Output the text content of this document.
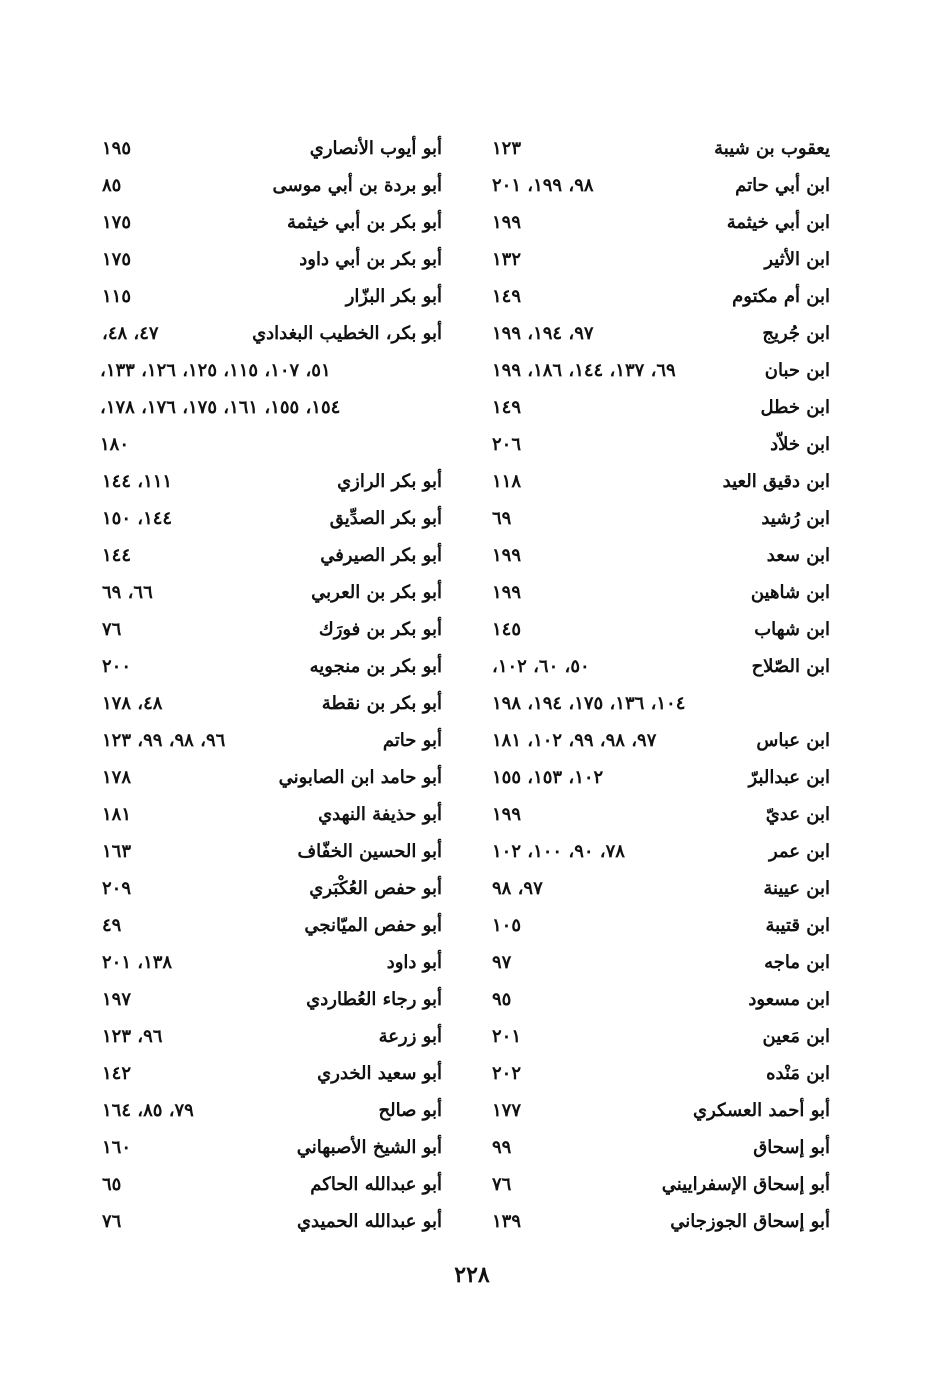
يعقوب بن شيبة
١٢٣
ابن أبي حاتم
٩٨، ١٩٩، ٢٠١
ابن أبي خيثمة
١٩٩
ابن الأثير
١٣٢
ابن أم مكتوم
١٤٩
ابن جُريج
٩٧، ١٩٤، ١٩٩
ابن حبان
٦٩، ١٣٧، ١٤٤، ١٨٦، ١٩٩
ابن خطل
١٤٩
ابن خلاّد
٢٠٦
ابن دقيق العيد
١١٨
ابن رُشيد
٦٩
ابن سعد
١٩٩
ابن شاهين
١٩٩
ابن شهاب
١٤٥
ابن الصّلاح
٥٠، ٦٠، ١٠٢،
١٠٤، ١٣٦، ١٧٥، ١٩٤، ١٩٨
ابن عباس
٩٧، ٩٨، ٩٩، ١٠٢، ١٨١
ابن عبدالبرّ
١٠٢، ١٥٣، ١٥٥
ابن عديّ
١٩٩
ابن عمر
٧٨، ٩٠، ١٠٠، ١٠٢
ابن عيينة
٩٧، ٩٨
ابن قتيبة
١٠٥
ابن ماجه
٩٧
ابن مسعود
٩٥
ابن مَعين
٢٠١
ابن مَنْده
٢٠٢
أبو أحمد العسكري
١٧٧
أبو إسحاق
٩٩
أبو إسحاق الإسفراييني
٧٦
أبو إسحاق الجوزجاني
١٣٩
أبو أيوب الأنصاري
١٩٥
أبو بردة بن أبي موسى
٨٥
أبو بكر بن أبي خيثمة
١٧٥
أبو بكر بن أبي داود
١٧٥
أبو بكر البزّار
١١٥
أبو بكر، الخطيب البغدادي
٤٧، ٤٨،
٥١، ١٠٧، ١١٥، ١٢٥، ١٢٦، ١٣٣،
١٥٤، ١٥٥، ١٦١، ١٧٥، ١٧٦، ١٧٨،
١٨٠
أبو بكر الرازي
١١١، ١٤٤
أبو بكر الصدِّيق
١٤٤، ١٥٠
أبو بكر الصيرفي
١٤٤
أبو بكر بن العربي
٦٦، ٦٩
أبو بكر بن فورَك
٧٦
أبو بكر بن منجويه
٢٠٠
أبو بكر بن نقطة
٤٨، ١٧٨
أبو حاتم
٩٦، ٩٨، ٩٩، ١٢٣
أبو حامد ابن الصابوني
١٧٨
أبو حذيفة النهدي
١٨١
أبو الحسين الخفّاف
١٦٣
أبو حفص العُكْبَري
٢٠٩
أبو حفص الميّانجي
٤٩
أبو داود
١٣٨، ٢٠١
أبو رجاء العُطاردي
١٩٧
أبو زرعة
٩٦، ١٢٣
أبو سعيد الخدري
١٤٢
أبو صالح
٧٩، ٨٥، ١٦٤
أبو الشيخ الأصبهاني
١٦٠
أبو عبدالله الحاكم
٦٥
أبو عبدالله الحميدي
٧٦
٢٢٨
